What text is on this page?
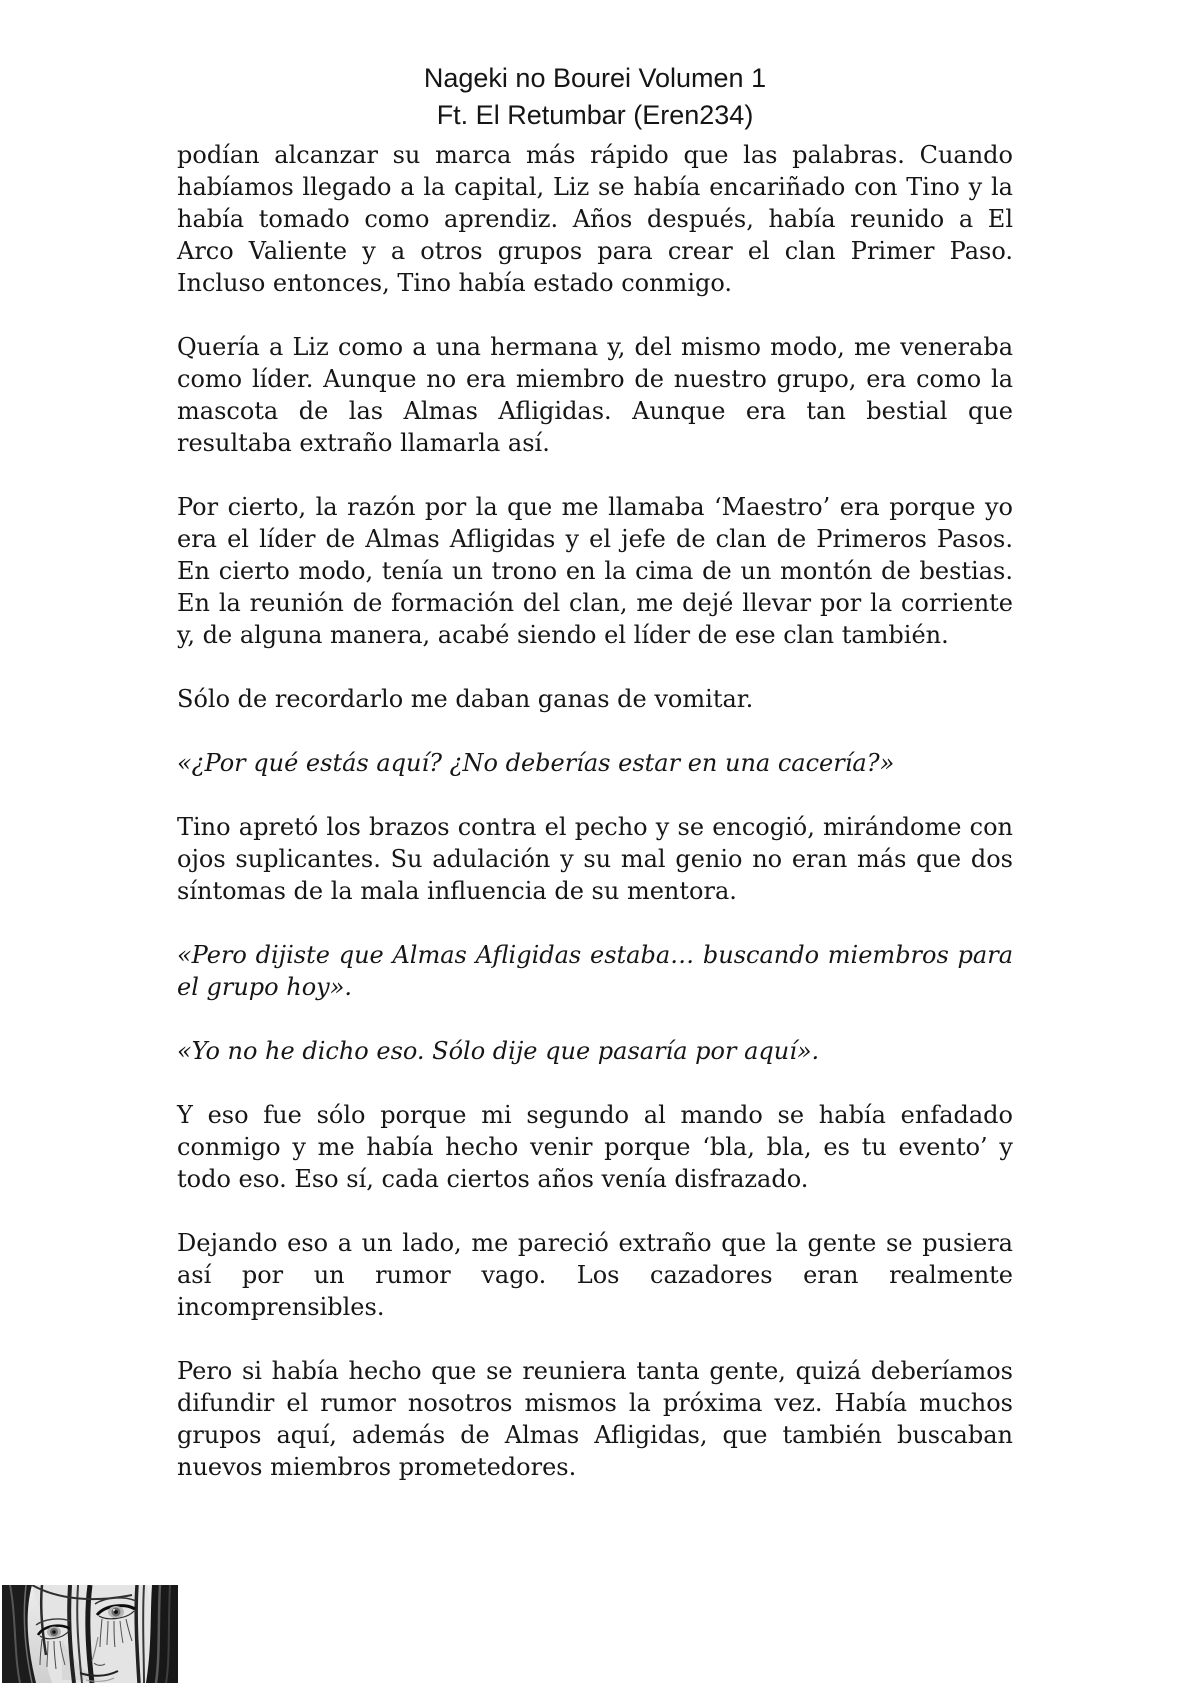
Nageki no Bourei Volumen 1
Ft. El Retumbar (Eren234)

podían alcanzar su marca más rápido que las palabras. Cuando habíamos llegado a la capital, Liz se había encariñado con Tino y la había tomado como aprendiz. Años después, había reunido a El Arco Valiente y a otros grupos para crear el clan Primer Paso. Incluso entonces, Tino había estado conmigo.

Quería a Liz como a una hermana y, del mismo modo, me veneraba como líder. Aunque no era miembro de nuestro grupo, era como la mascota de las Almas Afligidas. Aunque era tan bestial que resultaba extraño llamarla así.

Por cierto, la razón por la que me llamaba ‘Maestro’ era porque yo era el líder de Almas Afligidas y el jefe de clan de Primeros Pasos. En cierto modo, tenía un trono en la cima de un montón de bestias. En la reunión de formación del clan, me dejé llevar por la corriente y, de alguna manera, acabé siendo el líder de ese clan también.

Sólo de recordarlo me daban ganas de vomitar.

«¿Por qué estás aquí? ¿No deberías estar en una cacería?»

Tino apretó los brazos contra el pecho y se encogió, mirándome con ojos suplicantes. Su adulación y su mal genio no eran más que dos síntomas de la mala influencia de su mentora.

«Pero dijiste que Almas Afligidas estaba… buscando miembros para el grupo hoy».

«Yo no he dicho eso. Sólo dije que pasaría por aquí».

Y eso fue sólo porque mi segundo al mando se había enfadado conmigo y me había hecho venir porque ‘bla, bla, es tu evento’ y todo eso. Eso sí, cada ciertos años venía disfrazado.

Dejando eso a un lado, me pareció extraño que la gente se pusiera así por un rumor vago. Los cazadores eran realmente incomprensibles.

Pero si había hecho que se reuniera tanta gente, quizá deberíamos difundir el rumor nosotros mismos la próxima vez. Había muchos grupos aquí, además de Almas Afligidas, que también buscaban nuevos miembros prometedores.
